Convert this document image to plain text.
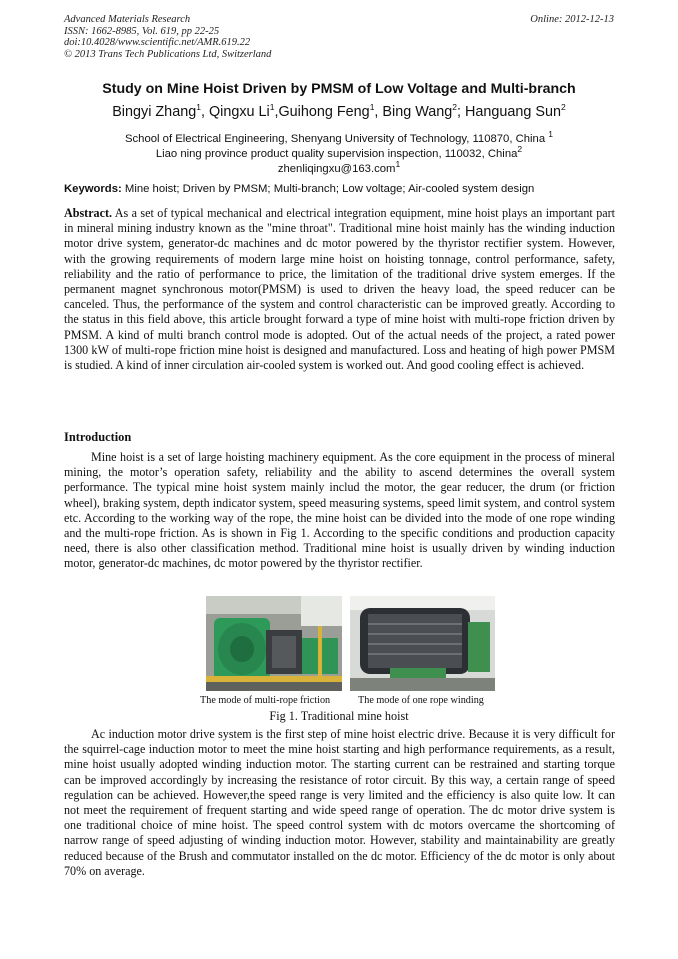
Advanced Materials Research
ISSN: 1662-8985, Vol. 619, pp 22-25
doi:10.4028/www.scientific.net/AMR.619.22
© 2013 Trans Tech Publications Ltd, Switzerland
Online: 2012-12-13
Study on Mine Hoist Driven by PMSM of Low Voltage and Multi-branch
Bingyi Zhang$^1$, Qingxu Li$^1$,Guihong Feng$^1$, Bing Wang$^2$; Hanguang Sun$^2$
School of Electrical Engineering, Shenyang University of Technology, 110870, China $^1$
Liao ning province product quality supervision inspection, 110032, China$^2$
zhenliqingxu@163.com$^1$
Keywords: Mine hoist; Driven by PMSM; Multi-branch; Low voltage; Air-cooled system design

Abstract. As a set of typical mechanical and electrical integration equipment, mine hoist plays an important part in mineral mining industry known as the "mine throat". Traditional mine hoist mainly has the winding induction motor drive system, generator-dc machines and dc motor powered by the thyristor rectifier system. However, with the growing requirements of modern large mine hoist on hoisting tonnage, control performance, safety, reliability and the ratio of performance to price, the limitation of the traditional drive system emerges. If the permanent magnet synchronous motor(PMSM) is used to driven the heavy load, the speed reducer can be canceled. Thus, the performance of the system and control characteristic can be improved greatly. According to the status in this field above, this article brought forward a type of mine hoist with multi-rope friction driven by PMSM. A kind of multi branch control mode is adopted. Out of the actual needs of the project, a rated power 1300 kW of multi-rope friction mine hoist is designed and manufactured. Loss and heating of high power PMSM is studied. A kind of inner circulation air-cooled system is worked out. And good cooling effect is achieved.

Introduction

Mine hoist is a set of large hoisting machinery equipment. As the core equipment in the process of mineral mining, the motor’s operation safety, reliability and the ability to ascend determines the overall system performance. The typical mine hoist system mainly includ the motor, the gear reducer, the drum (or friction wheel), braking system, depth indicator system, speed measuring systems, speed limit system, and control system etc. According to the working way of the rope, the mine hoist can be divided into the mode of one rope winding and the multi-rope friction. As is shown in Fig 1. According to the specific conditions and production capacity need, there is also other classification method. Traditional mine hoist is usually driven by winding induction motor, generator-dc machines, dc motor powered by the thyristor rectifier.

The mode of multi-rope friction	The mode of one rope winding
Fig 1. Traditional mine hoist

Ac induction motor drive system is the first step of mine hoist electric drive. Because it is very difficult for the squirrel-cage induction motor to meet the mine hoist starting and high performance requirements, as a result, mine hoist usually adopted winding induction motor. The starting current can be restrained and starting torque can be improved accordingly by increasing the resistance of rotor circuit. By this way, a certain range of speed regulation can be achieved. However,the speed range is very limited and the efficiency is also quite low. It can not meet the requirement of frequent starting and wide speed range of operation. The dc motor drive system is one traditional choice of mine hoist. The speed control system with dc motors overcame the shortcoming of narrow range of speed adjusting of winding induction motor. However, stability and maintainability are greatly reduced because of the Brush and commutator installed on the dc motor. Efficiency of the dc motor is only about 70% on average.
